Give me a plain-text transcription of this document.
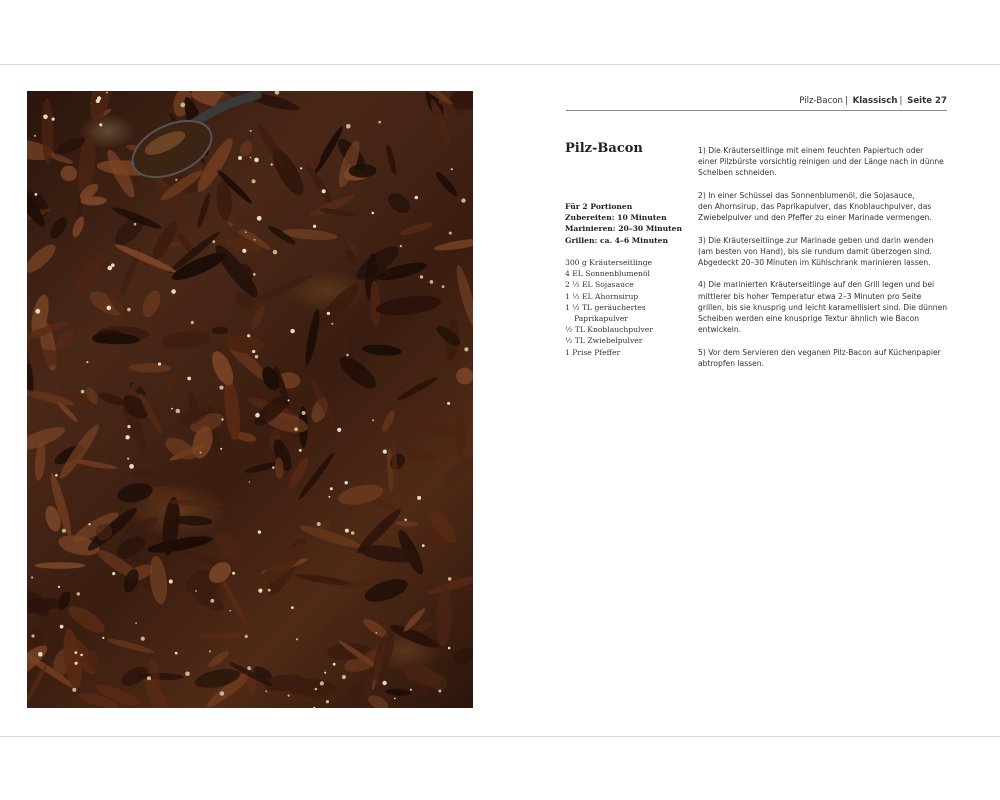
Pilz-Bacon | Klassisch | Seite 27
Pilz-Bacon
Für 2 Portionen
Zubereiten: 10 Minuten
Marinieren: 20–30 Minuten
Grillen: ca. 4–6 Minuten
300 g Kräuterseitlinge
4 EL Sonnenblumenöl
2 ½ EL Sojasauce
1 ½ EL Ahornsirup
1 ½ TL geräuchertes
Paprikapulver
½ TL Knoblauchpulver
½ TL Zwiebelpulver
1 Prise Pfeffer

1) Die Kräuterseitlinge mit einem feuchten Papiertuch oder
einer Pilzbürste vorsichtig reinigen und der Länge nach in dünne
Scheiben schneiden.

2) In einer Schüssel das Sonnenblumenöl, die Sojasauce,
den Ahornsirup, das Paprikapulver, das Knoblauchpulver, das
Zwiebelpulver und den Pfeffer zu einer Marinade vermengen.

3) Die Kräuterseitlinge zur Marinade geben und darin wenden
(am besten von Hand), bis sie rundum damit überzogen sind.
Abgedeckt 20–30 Minuten im Kühlschrank marinieren lassen.

4) Die marinierten Kräuterseitlinge auf den Grill legen und bei
mittlerer bis hoher Temperatur etwa 2–3 Minuten pro Seite
grillen, bis sie knusprig und leicht karamellisiert sind. Die dünnen
Scheiben werden eine knusprige Textur ähnlich wie Bacon
entwickeln.

5) Vor dem Servieren den veganen Pilz-Bacon auf Küchenpapier
abtropfen lassen.
